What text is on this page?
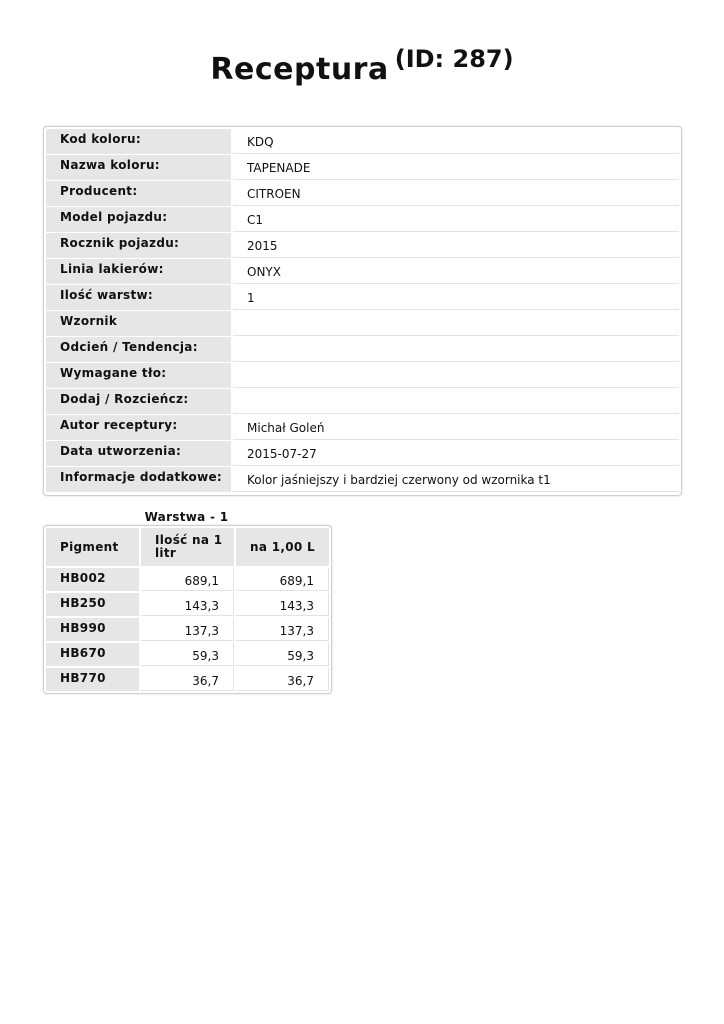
Receptura (ID: 287)
Kod koloru:	KDQ
Nazwa koloru:	TAPENADE
Producent:	CITROEN
Model pojazdu:	C1
Rocznik pojazdu:	2015
Linia lakierów:	ONYX
Ilość warstw:	1
Wzornik
Odcień / Tendencja:
Wymagane tło:
Dodaj / Rozcieńcz:
Autor receptury:	Michał Goleń
Data utworzenia:	2015-07-27
Informacje dodatkowe:	Kolor jaśniejszy i bardziej czerwony od wzornika t1
Warstwa - 1
Pigment	Ilość na 1 litr	na 1,00 L
HB002	689,1	689,1
HB250	143,3	143,3
HB990	137,3	137,3
HB670	59,3	59,3
HB770	36,7	36,7
